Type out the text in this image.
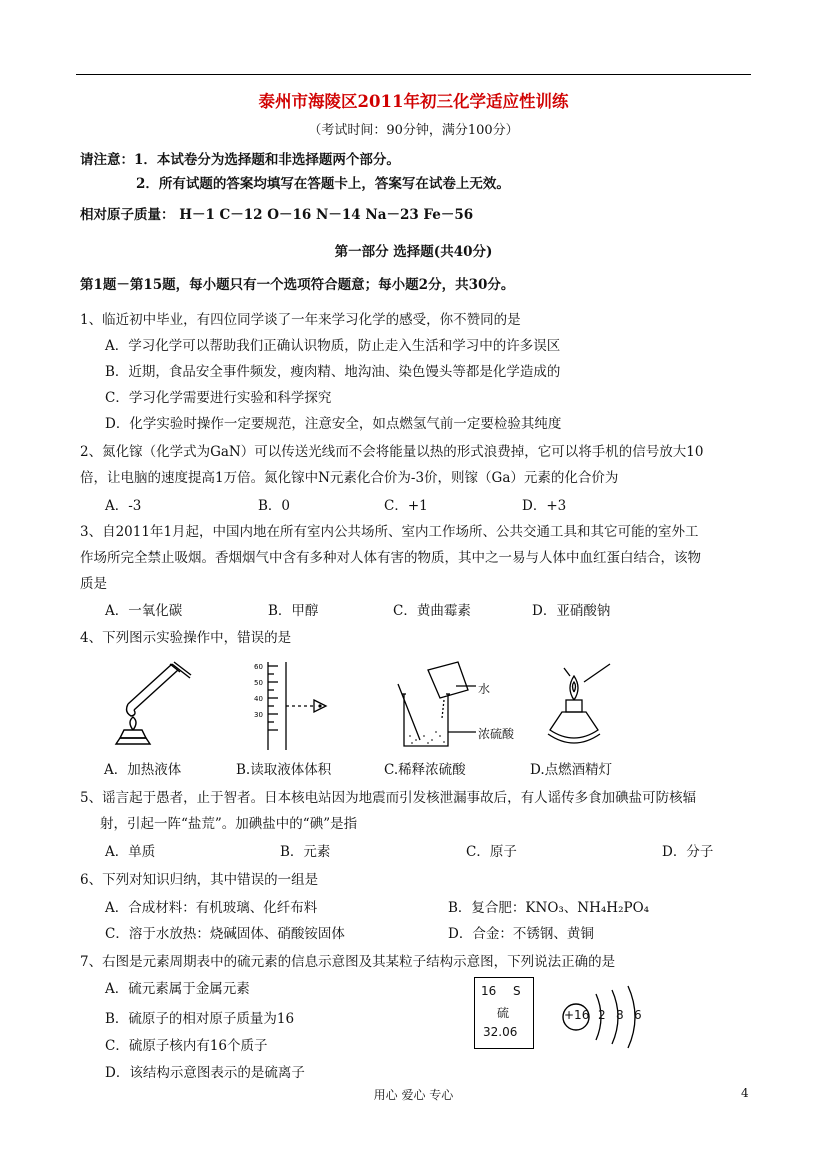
泰州市海陵区2011年初三化学适应性训练
（考试时间：90分钟，满分100分）
请注意：1．本试卷分为选择题和非选择题两个部分。
2．所有试题的答案均填写在答题卡上，答案写在试卷上无效。
相对原子质量： H－1 C－12 O－16 N－14 Na－23 Fe－56
第一部分 选择题(共40分)
第1题－第15题，每小题只有一个选项符合题意；每小题2分，共30分。
1、临近初中毕业，有四位同学谈了一年来学习化学的感受，你不赞同的是
A．学习化学可以帮助我们正确认识物质，防止走入生活和学习中的许多误区
B．近期，食品安全事件频发，瘦肉精、地沟油、染色馒头等都是化学造成的
C．学习化学需要进行实验和科学探究
D．化学实验时操作一定要规范，注意安全，如点燃氢气前一定要检验其纯度
2、氮化镓（化学式为GaN）可以传送光线而不会将能量以热的形式浪费掉，它可以将手机的信号放大10
倍，让电脑的速度提高1万倍。氮化镓中N元素化合价为-3价，则镓（Ga）元素的化合价为
A．-3	B．0	C．+1	D．+3
3、自2011年1月起，中国内地在所有室内公共场所、室内工作场所、公共交通工具和其它可能的室外工
作场所完全禁止吸烟。香烟烟气中含有多种对人体有害的物质，其中之一易与人体中血红蛋白结合，该物
质是
A．一氧化碳	B．甲醇	C．黄曲霉素	D．亚硝酸钠
4、下列图示实验操作中，错误的是
A．加热液体
60
50
40
30
B.读取液体体积
水
浓硫酸
C.稀释浓硫酸	D.点燃酒精灯
5、谣言起于愚者，止于智者。日本核电站因为地震而引发核泄漏事故后，有人谣传多食加碘盐可防核辐
射，引起一阵“盐荒”。加碘盐中的“碘”是指
A．单质	B．元素	C．原子	D．分子
6、下列对知识归纳，其中错误的一组是
A．合成材料：有机玻璃、化纤布料	B．复合肥：KNO₃、NH₄H₂PO₄
C．溶于水放热：烧碱固体、硝酸铵固体	D．合金：不锈钢、黄铜
7、右图是元素周期表中的硫元素的信息示意图及其某粒子结构示意图，下列说法正确的是
A．硫元素属于金属元素
B．硫原子的相对原子质量为16
C．硫原子核内有16个质子
D．该结构示意图表示的是硫离子
16 S
硫
32.06
+16 2 8 6
用心 爱心 专心	4
